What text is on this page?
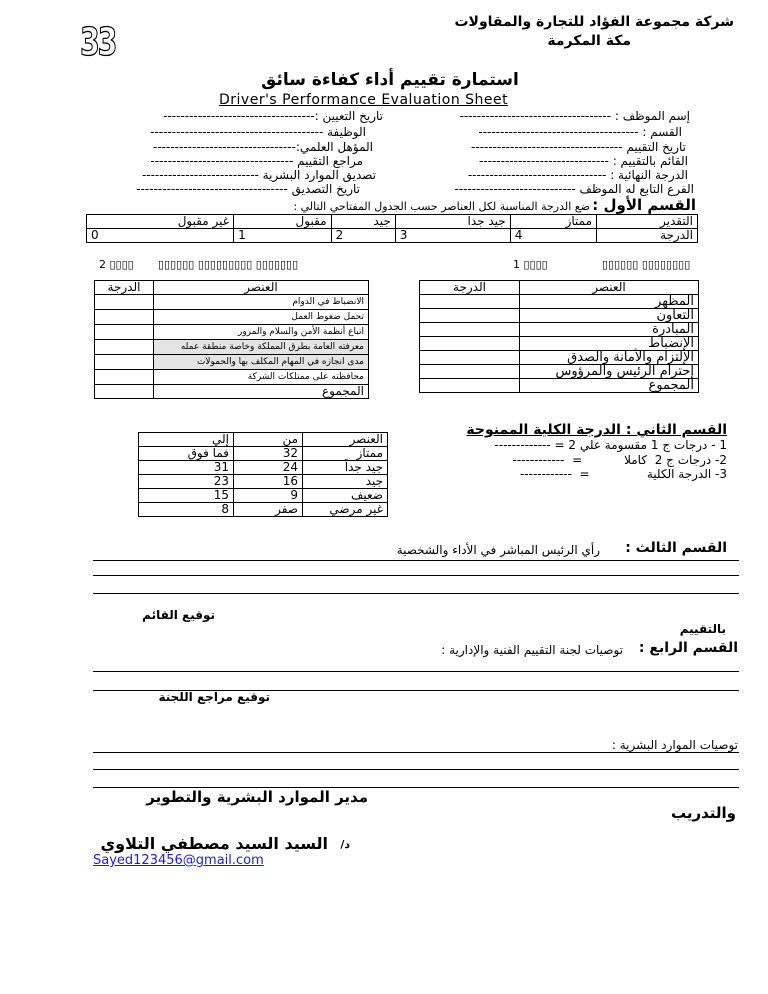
33	شركة مجموعة الفؤاد للتجارة والمقاولات
مكة المكرمة
استمارة تقييم أداء كفاءة سائق
Driver's Performance Evaluation Sheet
إسم الموظف : -----------------------------------
القسم : -------------------------------------
تاريخ التقييم -----------------------------------
القائم بالتقييم : ------------------------------
الدرجة النهائية : --------------------------------
الفرع التابع له الموظف ----------------------------
تاريخ التعيين :-----------------------------------
الوظيفة ----------------------------------------
المؤهل العلمي:---------------------------------
مراجع التقييم ---------------------------------
تصديق الموارد البشرية ---------------------------
تاريخ التصديق -----------------------------------
القسم الأول :
ضع الدرجة المناسبة لكل العناصر حسب الجدول المفتاحي التالي :
التقدير	ممتاز	جيد جدا	جيد	مقبول	غير مقبول
الدرجة	4	3	2	1	0
1 ▯▯▯▯	▯▯▯▯▯▯ ▯▯▯▯▯▯▯▯
2 ▯▯▯▯ ▯▯▯▯▯▯ ▯▯▯▯▯▯▯▯▯ ▯▯▯▯▯▯▯
العنصر	الدرجة
المظهر	
التعاون	
المبادرة	
الإنضباط	
الإلتزام والأمانة والصدق	
إحترام الرئيس والمرؤوس	
المجموع	
العنصر	الدرجة
الانضباط في الدوام	
تحمل ضغوط العمل	
اتباع أنظمة الأمن والسلام والمرور	
معرفته العامة بطرق المملكة وخاصة منطقة عمله	
مدى انجازه في المهام المكلف بها والحمولات	
محافظته على ممتلكات الشركة	
المجموع	
القسم الثاني : الدرجة الكلية الممنوحة
1 - درجات ج 1 مقسومة علي 2 = -------------
2- درجات ج 2  كاملا           =  ------------
3- الدرجة الكلية               =  ------------
العنصر	من	إلي
ممتاز	32	فما فوق
جيد جداً	24	31
جيد	16	23
ضعيف	9	15
غير مرضي	صفر	8
القسم الثالث :
رأي الرئيس المباشر في الأداء والشخصية
توقيع القائم
بالتقييم
القسم الرابع :
توصيات لجنة التقييم الفنية والإدارية :
توقيع مراجع اللجنة
توصيات الموارد البشرية :
مدير الموارد البشرية والتطوير
والتدريب
د/
السيد السيد مصطفي التلاوي
Sayed123456@gmail.com
